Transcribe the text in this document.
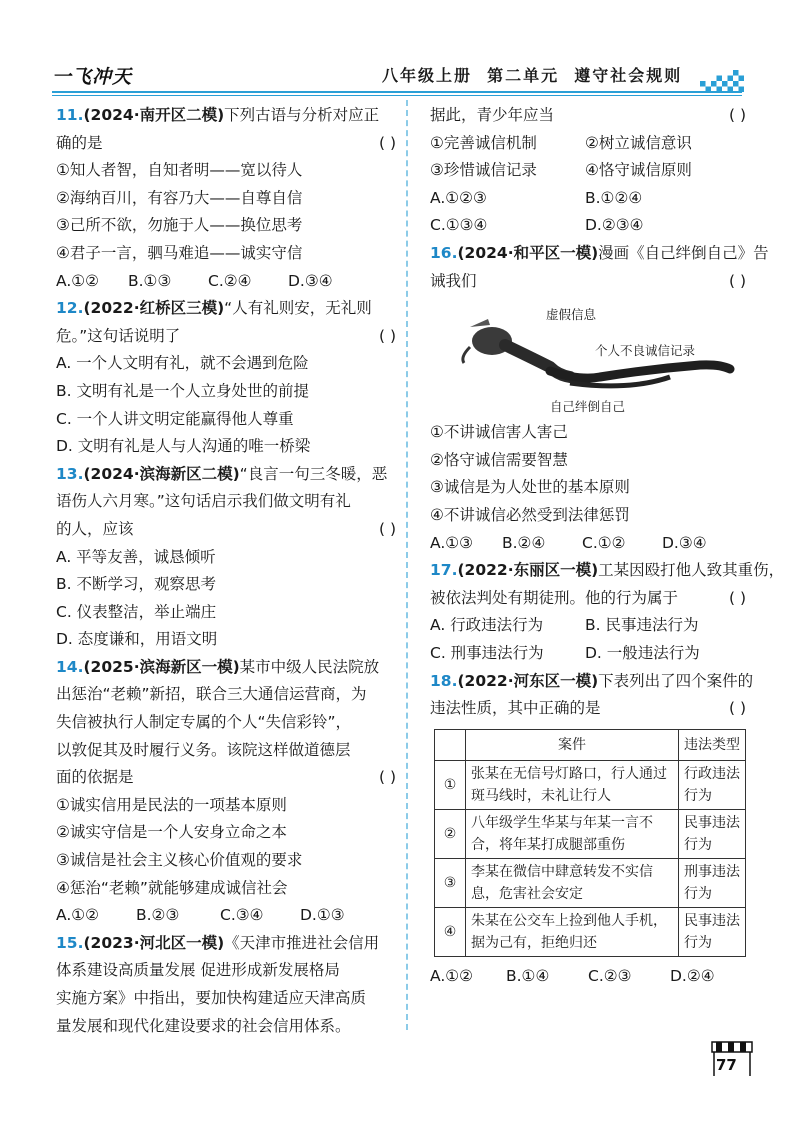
一飞冲天	八年级上册  第二单元  遵守社会规则
11.(2024·南开区二模)下列古语与分析对应正
确的是	( )
①知人者智，自知者明——宽以待人
②海纳百川，有容乃大——自尊自信
③己所不欲，勿施于人——换位思考
④君子一言，驷马难追——诚实守信
A.①② B.①③ C.②④ D.③④
12.(2022·红桥区三模)“人有礼则安，无礼则
危。”这句话说明了	( )
A. 一个人文明有礼，就不会遇到危险
B. 文明有礼是一个人立身处世的前提
C. 一个人讲文明定能赢得他人尊重
D. 文明有礼是人与人沟通的唯一桥梁
13.(2024·滨海新区二模)“良言一句三冬暖，恶
语伤人六月寒。”这句话启示我们做文明有礼
的人，应该	( )
A. 平等友善，诚恳倾听
B. 不断学习，观察思考
C. 仪表整洁，举止端庄
D. 态度谦和，用语文明
14.(2025·滨海新区一模)某市中级人民法院放
出惩治“老赖”新招，联合三大通信运营商，为
失信被执行人制定专属的个人“失信彩铃”，
以敦促其及时履行义务。该院这样做道德层
面的依据是	( )
①诚实信用是民法的一项基本原则
②诚实守信是一个人安身立命之本
③诚信是社会主义核心价值观的要求
④惩治“老赖”就能够建成诚信社会
A.①② B.②③	C.③④ D.①③
15.(2023·河北区一模)《天津市推进社会信用
体系建设高质量发展 促进形成新发展格局
实施方案》中指出，要加快构建适应天津高质
量发展和现代化建设要求的社会信用体系。
据此，青少年应当	( )
①完善诚信机制	②树立诚信意识
③珍惜诚信记录	④恪守诚信原则
A.①②③	B.①②④
C.①③④	D.②③④
16.(2024·和平区一模)漫画《自己绊倒自己》告
诫我们	( )
虚假信息
个人不良诚信记录
自己绊倒自己
①不讲诚信害人害己
②恪守诚信需要智慧
③诚信是为人处世的基本原则
④不讲诚信必然受到法律惩罚
A.①③ B.②④ C.①② D.③④
17.(2022·东丽区一模)工某因殴打他人致其重伤，
被依法判处有期徒刑。他的行为属于	( )
A. 行政违法行为	B. 民事违法行为
C. 刑事违法行为	D. 一般违法行为
18.(2022·河东区一模)下表列出了四个案件的
违法性质，其中正确的是	( )
	案件	违法类型
①	张某在无信号灯路口，行人通过斑马线时，未礼让行人	行政违法行为
②	八年级学生华某与年某一言不合，将年某打成腿部重伤	民事违法行为
③	李某在微信中肆意转发不实信息，危害社会安定	刑事违法行为
④	朱某在公交车上捡到他人手机，据为己有，拒绝归还	民事违法行为
A.①② B.①④ C.②③ D.②④
77
